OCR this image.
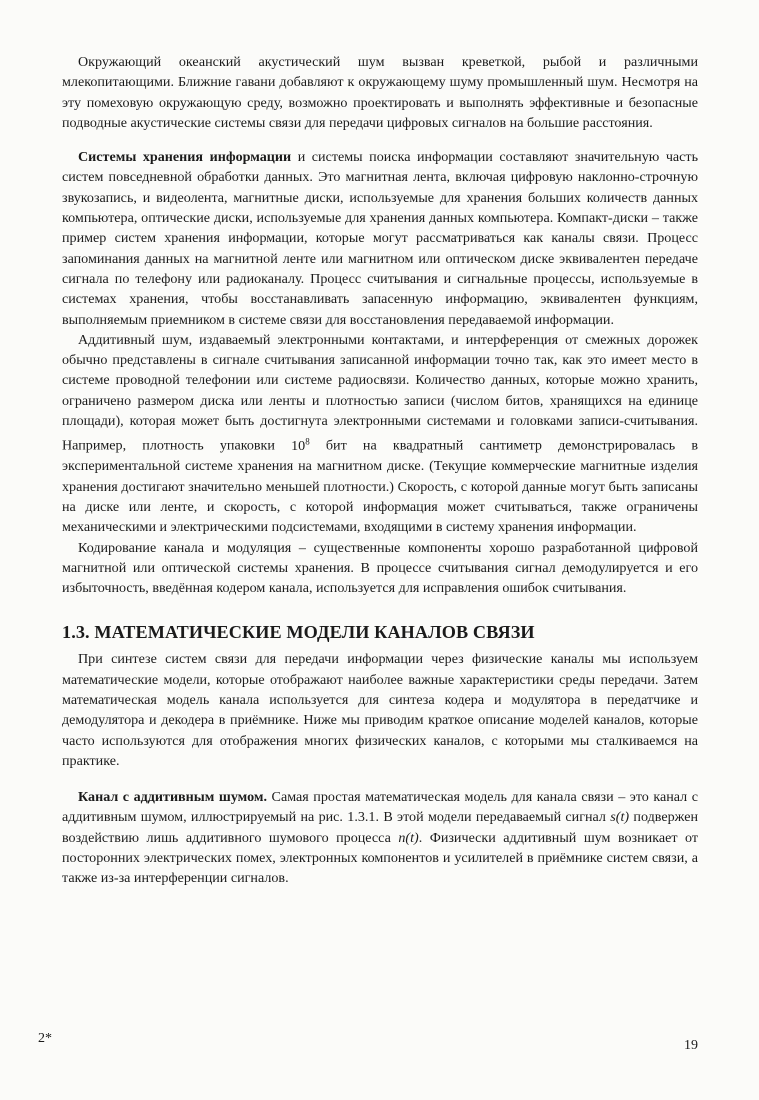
Окружающий океанский акустический шум вызван креветкой, рыбой и различными млекопитающими. Ближние гавани добавляют к окружающему шуму промышленный шум. Несмотря на эту помеховую окружающую среду, возможно проектировать и выполнять эффективные и безопасные подводные акустические системы связи для передачи цифровых сигналов на большие расстояния.

Системы хранения информации и системы поиска информации составляют значительную часть систем повседневной обработки данных. Это магнитная лента, включая цифровую наклонно-строчную звукозапись, и видеолента, магнитные диски, используемые для хранения больших количеств данных компьютера, оптические диски, используемые для хранения данных компьютера. Компакт-диски – также пример систем хранения информации, которые могут рассматриваться как каналы связи. Процесс запоминания данных на магнитной ленте или магнитном или оптическом диске эквивалентен передаче сигнала по телефону или радиоканалу. Процесс считывания и сигнальные процессы, используемые в системах хранения, чтобы восстанавливать запасенную информацию, эквивалентен функциям, выполняемым приемником в системе связи для восстановления передаваемой информации.

Аддитивный шум, издаваемый электронными контактами, и интерференция от смежных дорожек обычно представлены в сигнале считывания записанной информации точно так, как это имеет место в системе проводной телефонии или системе радиосвязи. Количество данных, которые можно хранить, ограничено размером диска или ленты и плотностью записи (числом битов, хранящихся на единице площади), которая может быть достигнута электронными системами и головками записи-считывания. Например, плотность упаковки $10^8$ бит на квадратный сантиметр демонстрировалась в экспериментальной системе хранения на магнитном диске. (Текущие коммерческие магнитные изделия хранения достигают значительно меньшей плотности.) Скорость, с которой данные могут быть записаны на диске или ленте, и скорость, с которой информация может считываться, также ограничены механическими и электрическими подсистемами, входящими в систему хранения информации.

Кодирование канала и модуляция – существенные компоненты хорошо разработанной цифровой магнитной или оптической системы хранения. В процессе считывания сигнал демодулируется и его избыточность, введённая кодером канала, используется для исправления ошибок считывания.

1.3. МАТЕМАТИЧЕСКИЕ МОДЕЛИ КАНАЛОВ СВЯЗИ

При синтезе систем связи для передачи информации через физические каналы мы используем математические модели, которые отображают наиболее важные характеристики среды передачи. Затем математическая модель канала используется для синтеза кодера и модулятора в передатчике и демодулятора и декодера в приёмнике. Ниже мы приводим краткое описание моделей каналов, которые часто используются для отображения многих физических каналов, с которыми мы сталкиваемся на практике.

Канал с аддитивным шумом. Самая простая математическая модель для канала связи – это канал с аддитивным шумом, иллюстрируемый на рис. 1.3.1. В этой модели передаваемый сигнал s(t) подвержен воздействию лишь аддитивного шумового процесса n(t). Физически аддитивный шум возникает от посторонних электрических помех, электронных компонентов и усилителей в приёмнике систем связи, а также из-за интерференции сигналов.

2*	19
